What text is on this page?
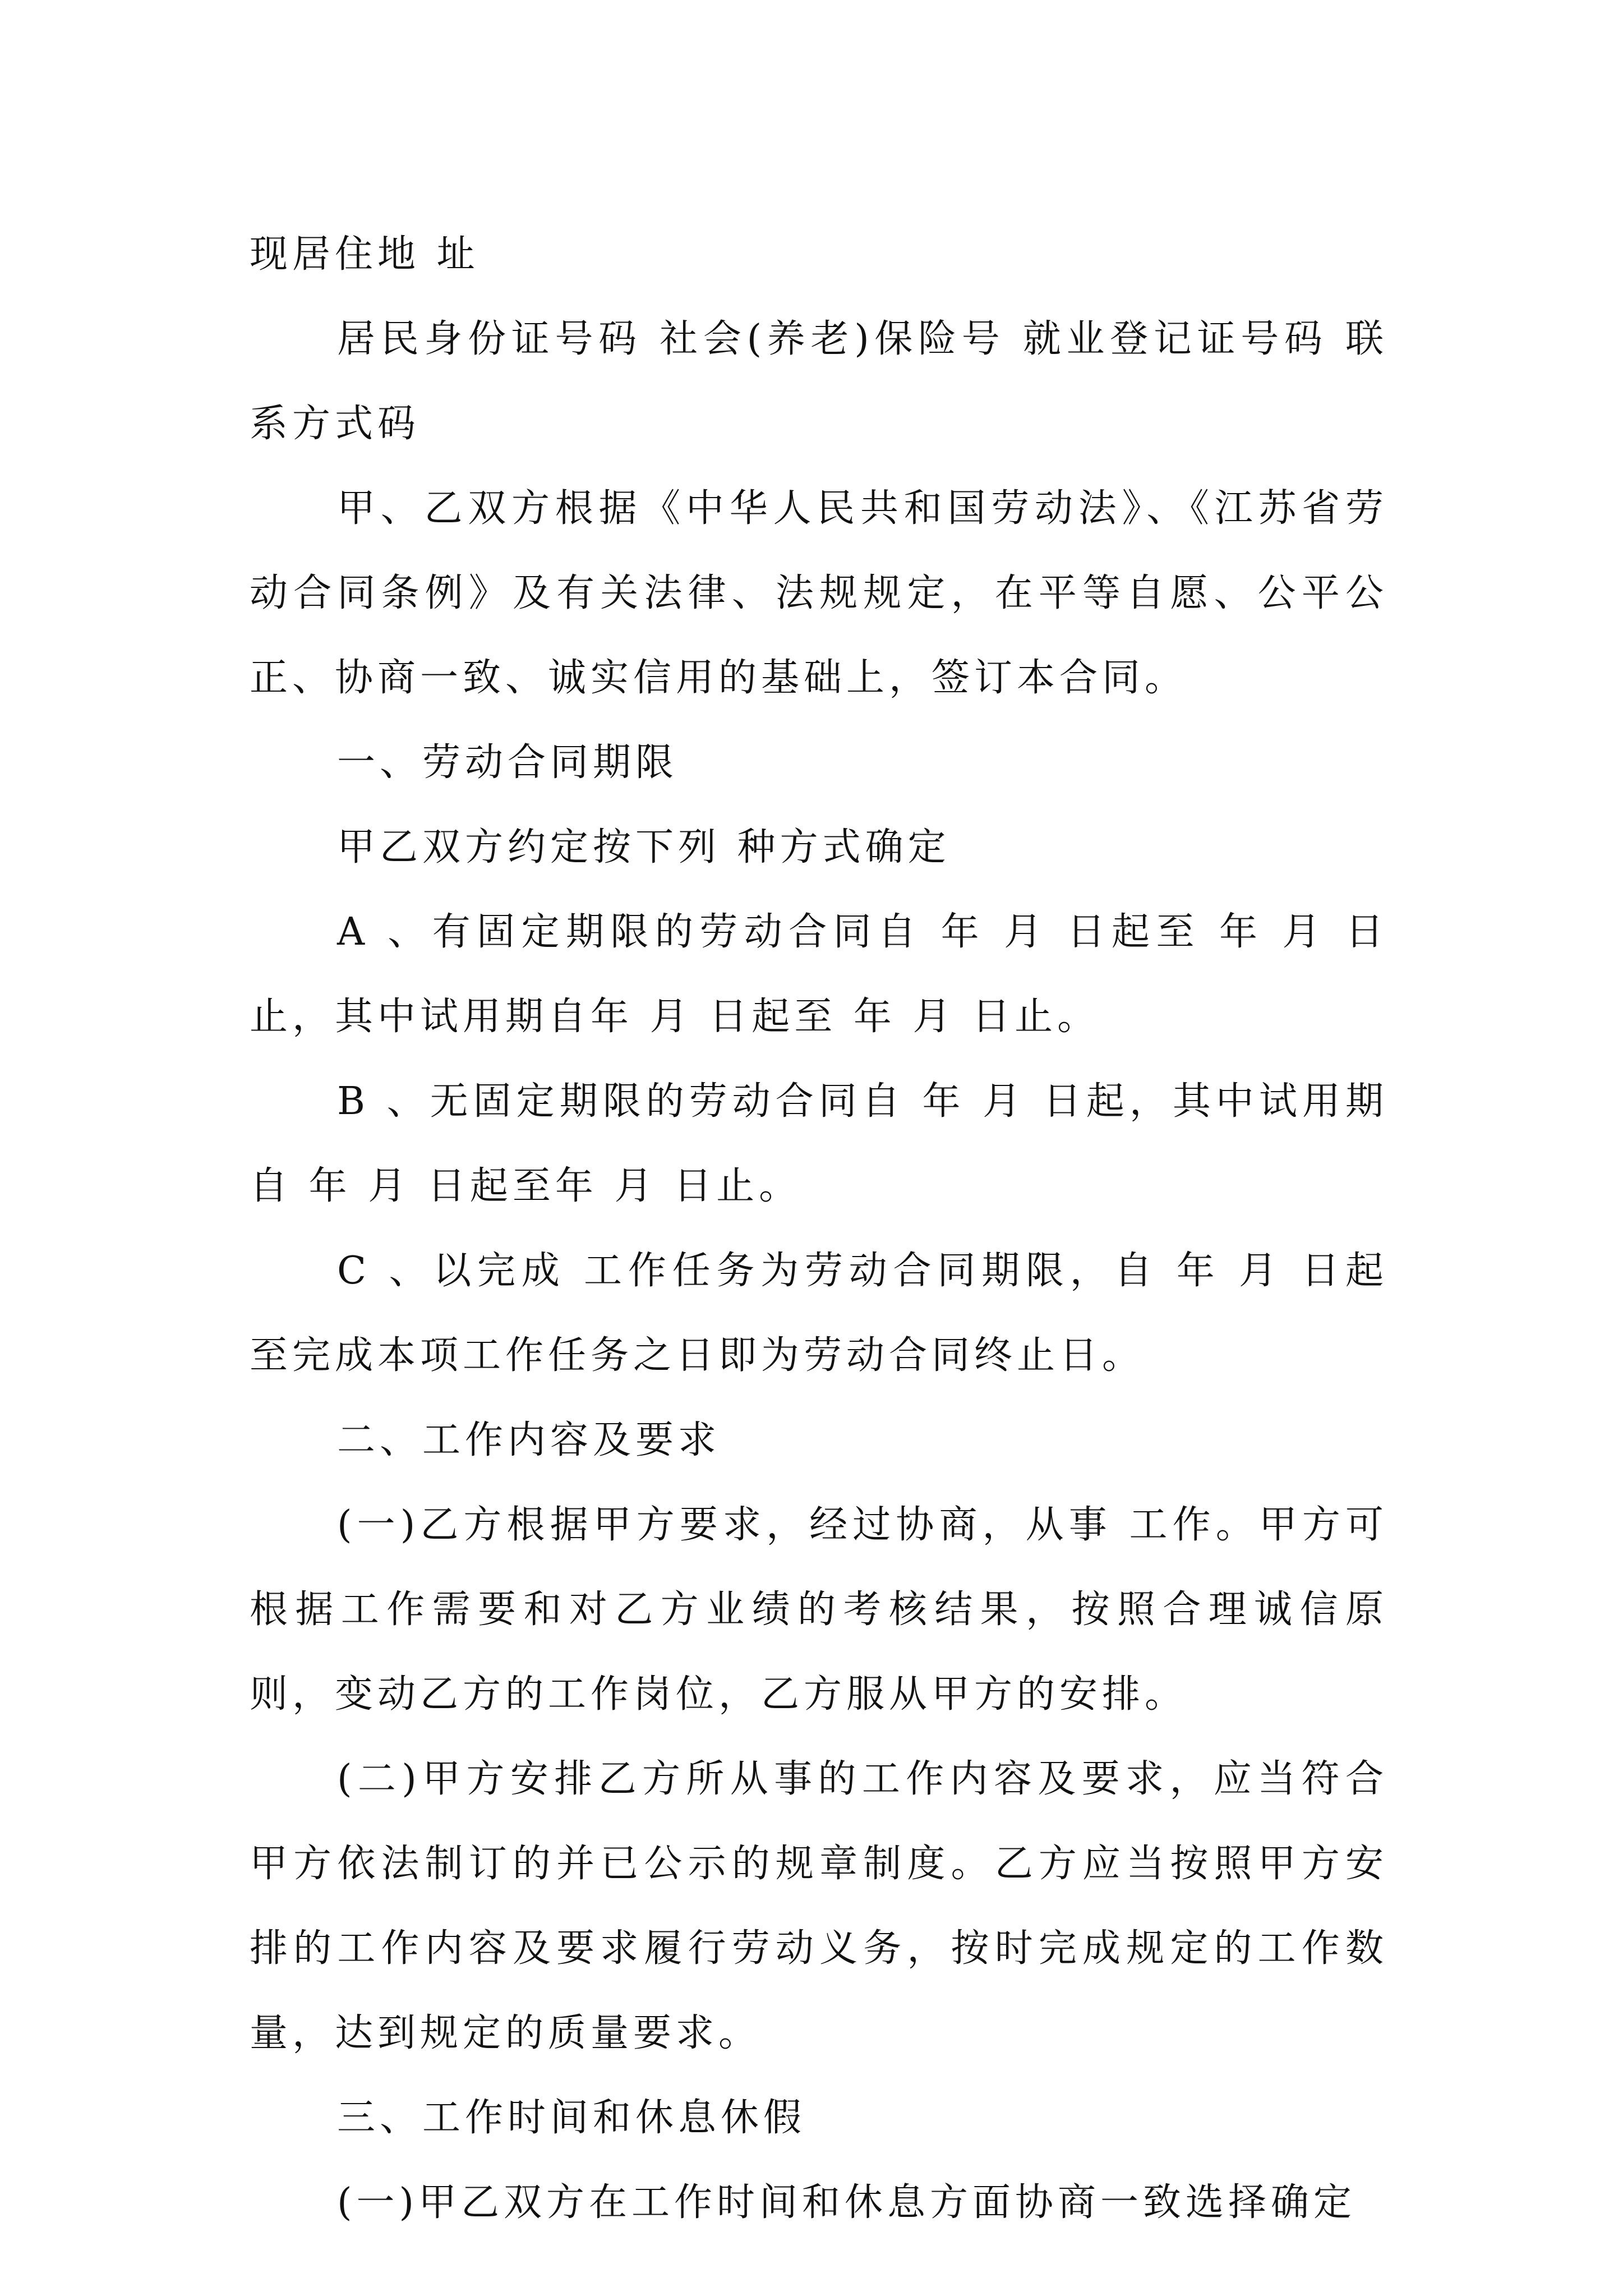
现居住地 址

居民身份证号码 社会(养老)保险号 就业登记证号码 联系方式码

甲、乙双方根据《中华人民共和国劳动法》、《江苏省劳动合同条例》及有关法律、法规规定，在平等自愿、公平公正、协商一致、诚实信用的基础上，签订本合同。

一、劳动合同期限

甲乙双方约定按下列 种方式确定

A 、有固定期限的劳动合同自 年 月 日起至 年 月 日止，其中试用期自年 月 日起至 年 月 日止。

B 、无固定期限的劳动合同自 年 月 日起，其中试用期自 年 月 日起至年 月 日止。

C 、以完成 工作任务为劳动合同期限，自 年 月 日起至完成本项工作任务之日即为劳动合同终止日。

二、工作内容及要求

(一)乙方根据甲方要求，经过协商，从事 工作。甲方可根据工作需要和对乙方业绩的考核结果，按照合理诚信原则，变动乙方的工作岗位，乙方服从甲方的安排。

(二)甲方安排乙方所从事的工作内容及要求，应当符合甲方依法制订的并已公示的规章制度。乙方应当按照甲方安排的工作内容及要求履行劳动义务，按时完成规定的工作数量，达到规定的质量要求。

三、工作时间和休息休假

(一)甲乙双方在工作时间和休息方面协商一致选择确定
